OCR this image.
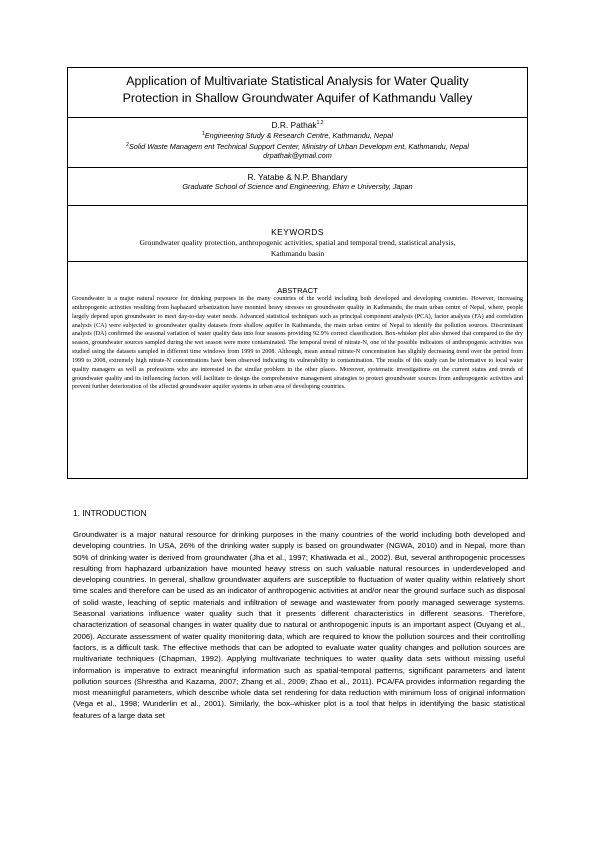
Application of Multivariate Statistical Analysis for Water Quality
Protection in Shallow Groundwater Aquifer of Kathmandu Valley
D.R. Pathak$^{1,2}$
$^1$Engineering Study & Research Centre, Kathmandu, Nepal
$^2$Solid Waste Managem ent Technical Support Center, Ministry of Urban Developm ent, Kathmandu, Nepal
drpathak@ymail.com
R. Yatabe & N.P. Bhandary
Graduate School of Science and Engineering, Ehim e University, Japan
KEYWORDS
Groundwater quality protection, anthropogenic activities, spatial and temporal trend, statistical analysis,
Kathmandu basin
ABSTRACT

Groundwater is a major natural resource for drinking purposes in the many countries of the world including both developed and developing countries. However, increasing anthropogenic activities resulting from haphazard urbanization have mounted heavy stresses on groundwater quality in Kathmandu, the main urban centre of Nepal, where, people largely depend upon groundwater to meet day-to-day water needs. Advanced statistical techniques such as principal component analysis (PCA), factor analysis (FA) and correlation analysis (CA) were subjected to groundwater quality datasets from shallow aquifer in Kathmandu, the main urban centre of Nepal to identify the pollution sources. Discriminant analysis (DA) confirmed the seasonal variation of water quality data into four seasons providing 92.9% correct classification. Box-whisker plot also showed that compared to the dry season, groundwater sources sampled during the wet season were more contaminated. The temporal trend of nitrate-N, one of the possible indicators of anthropogenic activities was studied using the datasets sampled in different time windows from 1999 to 2008. Although, mean annual nitrate-N concentration has slightly decreasing trend over the period from 1999 to 2008, extremely high nitrate-N concentrations have been observed indicating its vulnerability to contamination. The results of this study can be informative to local water quality managers as well as professions who are interested in the similar problem in the other places. Moreover, systematic investigations on the current status and trends of groundwater quality and its influencing factors will facilitate to design the comprehensive management strategies to protect groundwater sources from anthropogenic activities and prevent further deterioration of the affected groundwater aquifer systems in urban area of developing countries.

1. INTRODUCTION

Groundwater is a major natural resource for drinking purposes in the many countries of the world including both developed and developing countries. In USA, 26% of the drinking water supply is based on groundwater (NGWA, 2010) and in Nepal, more than 50% of drinking water is derived from groundwater (Jha et al., 1997; Khatiwada et al., 2002). But, several anthropogenic processes resulting from haphazard urbanization have mounted heavy stress on such valuable natural resources in underdeveloped and developing countries. In general, shallow groundwater aquifers are susceptible to fluctuation of water quality within relatively short time scales and therefore can be used as an indicator of anthropogenic activities at and/or near the ground surface such as disposal of solid waste, leaching of septic materials and infiltration of sewage and wastewater from poorly managed sewerage systems. Seasonal variations influence water quality such that it presents different characteristics in different seasons. Therefore, characterization of seasonal changes in water quality due to natural or anthropogenic inputs is an important aspect (Ouyang et al., 2006). Accurate assessment of water quality monitoring data, which are required to know the pollution sources and their controlling factors, is a difficult task. The effective methods that can be adopted to evaluate water quality changes and pollution sources are multivariate techniques (Chapman, 1992). Applying multivariate techniques to water quality data sets without missing useful information is imperative to extract meaningful information such as spatial-temporal patterns, significant parameters and latent pollution sources (Shrestha and Kazama, 2007; Zhang et al., 2009; Zhao et al., 2011). PCA/FA provides information regarding the most meaningful parameters, which describe whole data set rendering for data reduction with minimum loss of original information (Vega et al., 1998; Wunderlin et al., 2001). Similarly, the box–whisker plot is a tool that helps in identifying the basic statistical features of a large data set
